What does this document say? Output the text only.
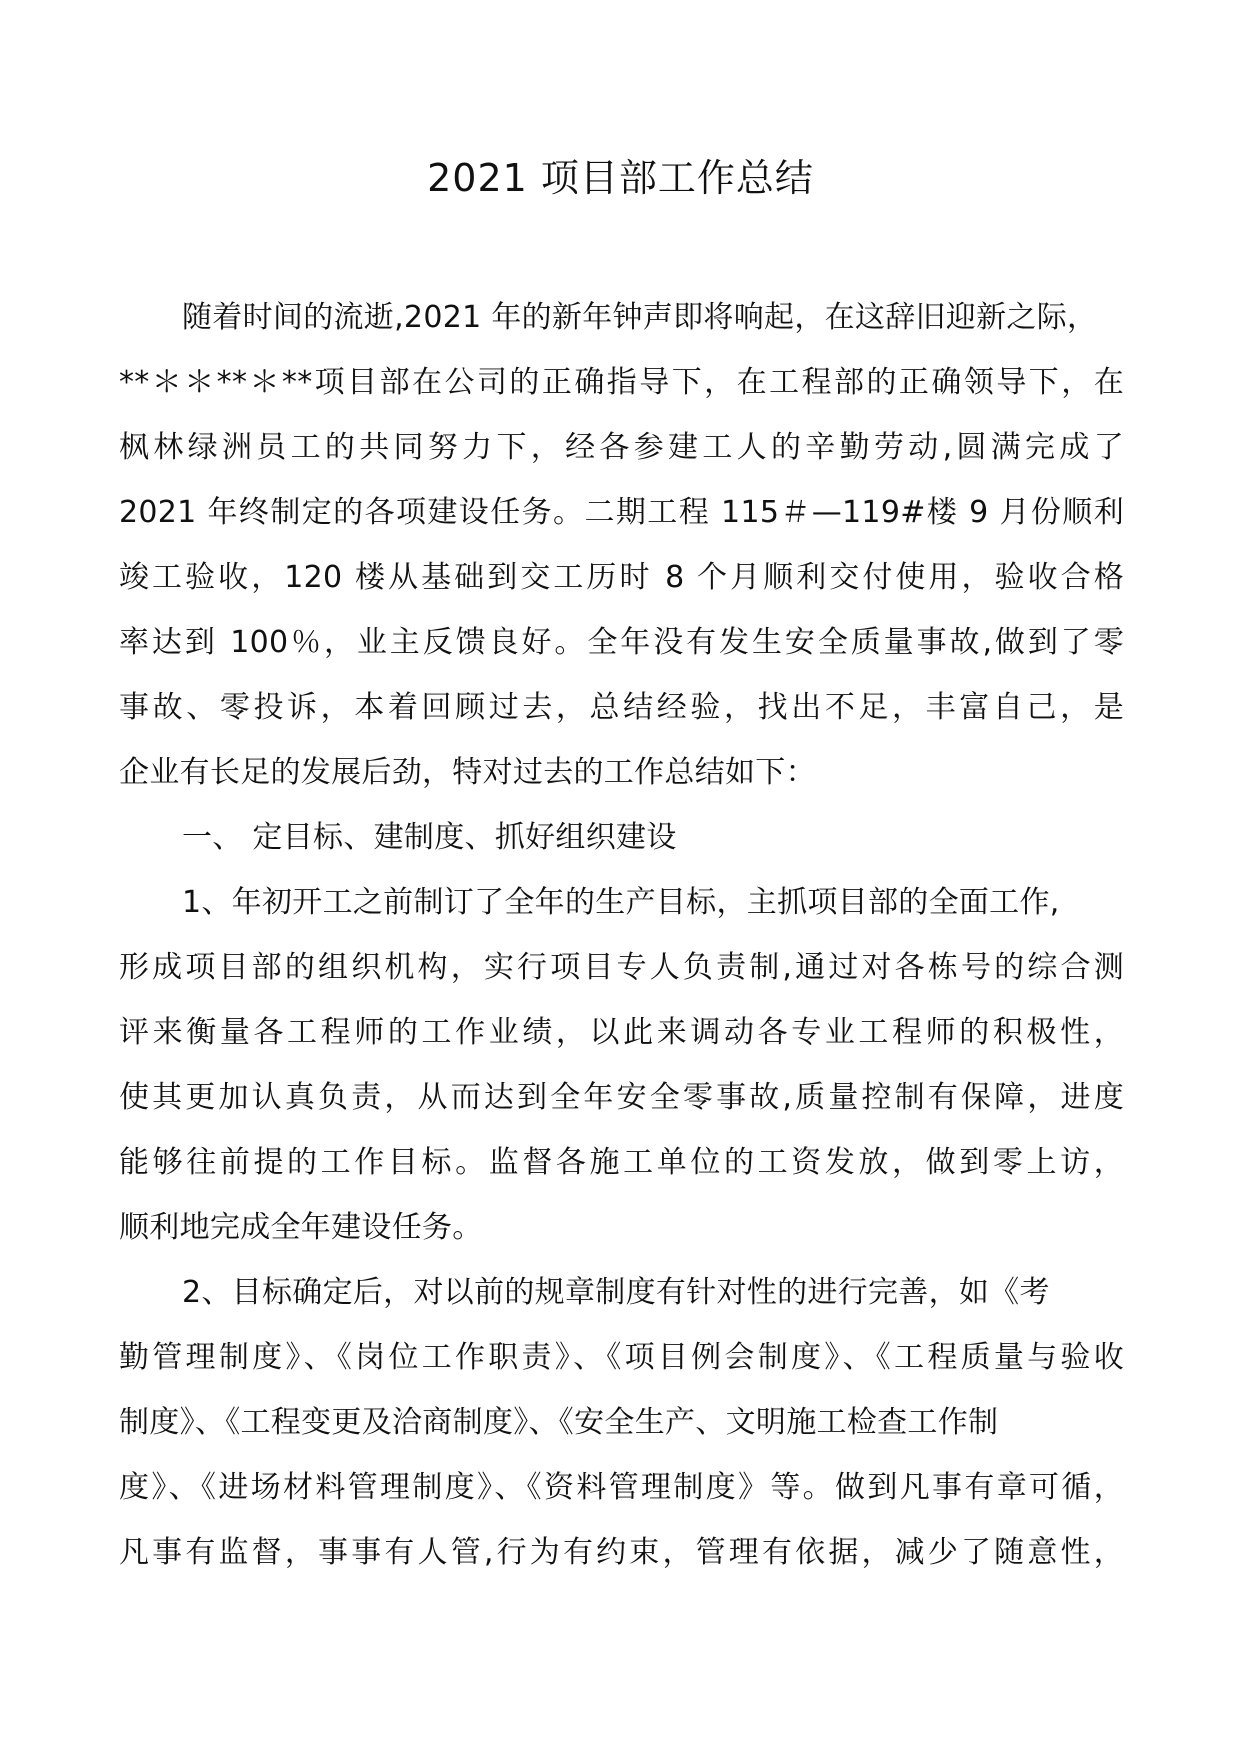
2021 项目部工作总结
随着时间的流逝,2021 年的新年钟声即将响起，在这辞旧迎新之际，
**＊＊**＊**项目部在公司的正确指导下，在工程部的正确领导下，在
枫林绿洲员工的共同努力下，经各参建工人的辛勤劳动,圆满完成了
2021 年终制定的各项建设任务。二期工程 115＃—119#楼 9 月份顺利
竣工验收，120 楼从基础到交工历时 8 个月顺利交付使用，验收合格
率达到 100％，业主反馈良好。全年没有发生安全质量事故,做到了零
事故、零投诉，本着回顾过去，总结经验，找出不足，丰富自己，是
企业有长足的发展后劲，特对过去的工作总结如下：
一、 定目标、建制度、抓好组织建设
1、年初开工之前制订了全年的生产目标，主抓项目部的全面工作,
形成项目部的组织机构，实行项目专人负责制,通过对各栋号的综合测
评来衡量各工程师的工作业绩，以此来调动各专业工程师的积极性，
使其更加认真负责，从而达到全年安全零事故,质量控制有保障，进度
能够往前提的工作目标。监督各施工单位的工资发放，做到零上访，
顺利地完成全年建设任务。
2、目标确定后，对以前的规章制度有针对性的进行完善，如《考
勤管理制度》、《岗位工作职责》、《项目例会制度》、《工程质量与验收
制度》、《工程变更及洽商制度》、《安全生产、文明施工检查工作制
度》、《进场材料管理制度》、《资料管理制度》等。做到凡事有章可循，
凡事有监督，事事有人管,行为有约束，管理有依据，减少了随意性，
